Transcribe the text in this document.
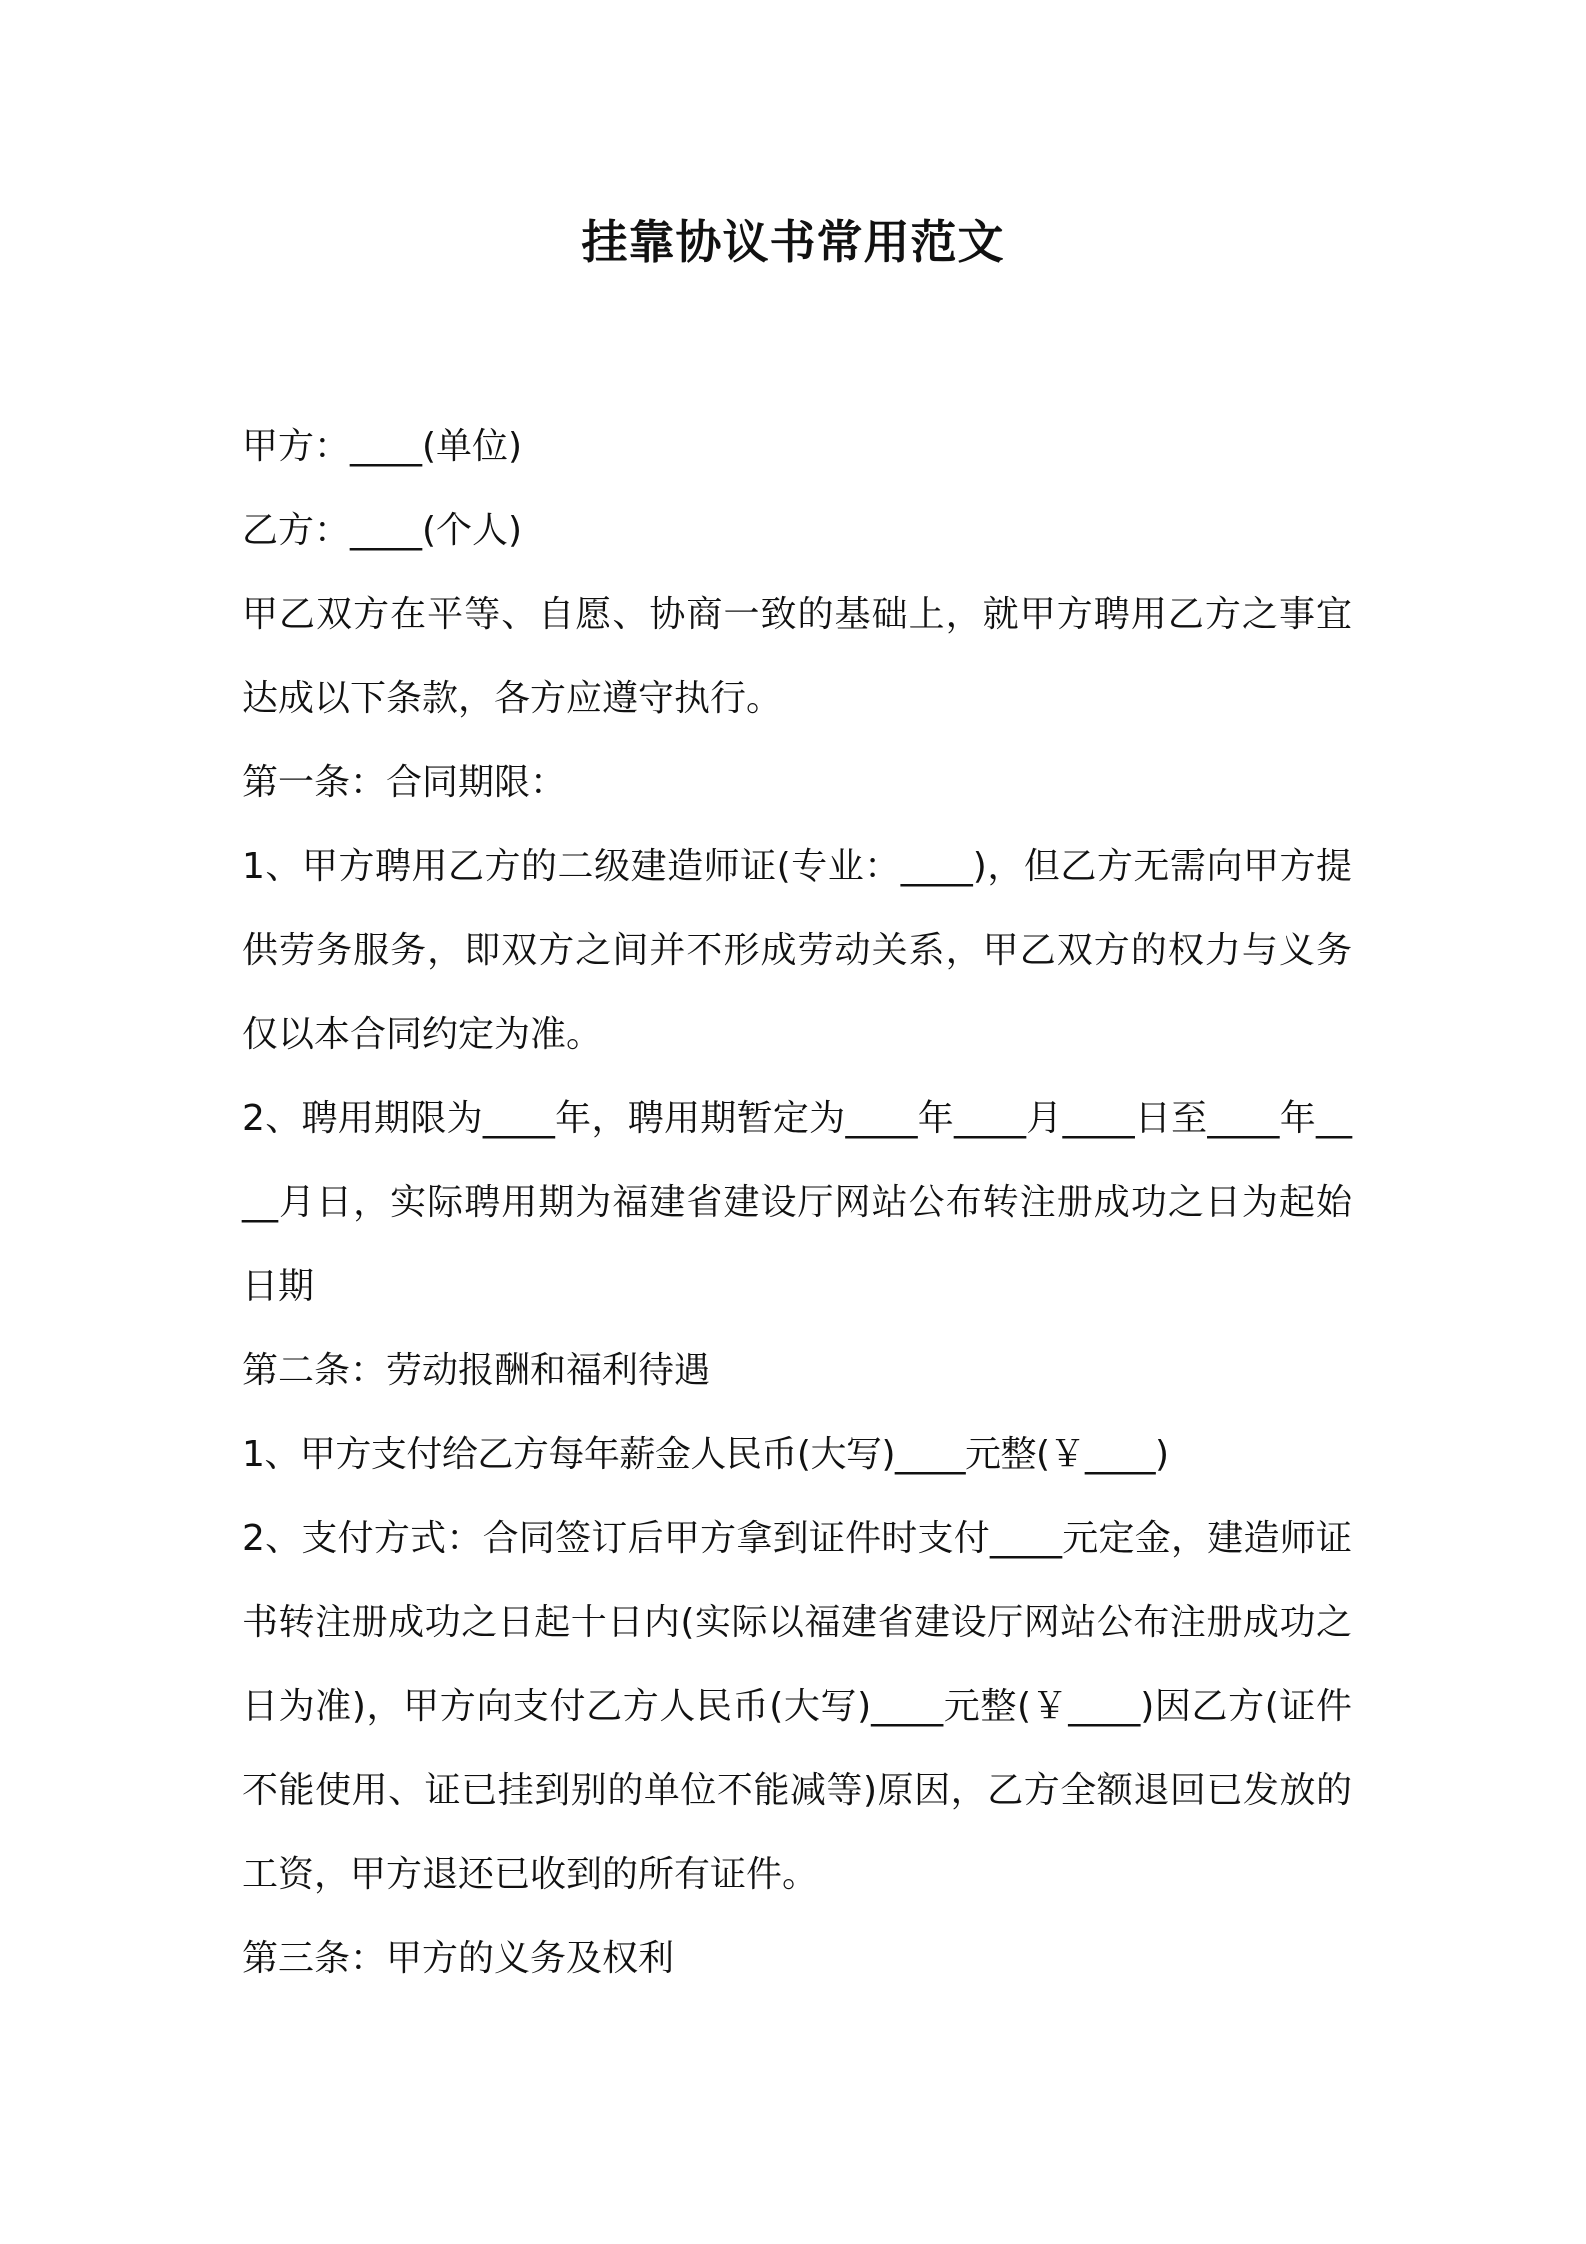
挂靠协议书常用范文

甲方：____(单位)

乙方：____(个人)

甲乙双方在平等、自愿、协商一致的基础上，就甲方聘用乙方之事宜达成以下条款，各方应遵守执行。

第一条：合同期限：

1、甲方聘用乙方的二级建造师证(专业：____)，但乙方无需向甲方提供劳务服务，即双方之间并不形成劳动关系，甲乙双方的权力与义务仅以本合同约定为准。

2、聘用期限为____年，聘用期暂定为____年____月____日至____年____月日，实际聘用期为福建省建设厅网站公布转注册成功之日为起始日期

第二条：劳动报酬和福利待遇

1、甲方支付给乙方每年薪金人民币(大写)____元整(￥____)

2、支付方式：合同签订后甲方拿到证件时支付____元定金，建造师证书转注册成功之日起十日内(实际以福建省建设厅网站公布注册成功之日为准)，甲方向支付乙方人民币(大写)____元整(￥____)因乙方(证件不能使用、证已挂到别的单位不能减等)原因，乙方全额退回已发放的工资，甲方退还已收到的所有证件。

第三条：甲方的义务及权利
